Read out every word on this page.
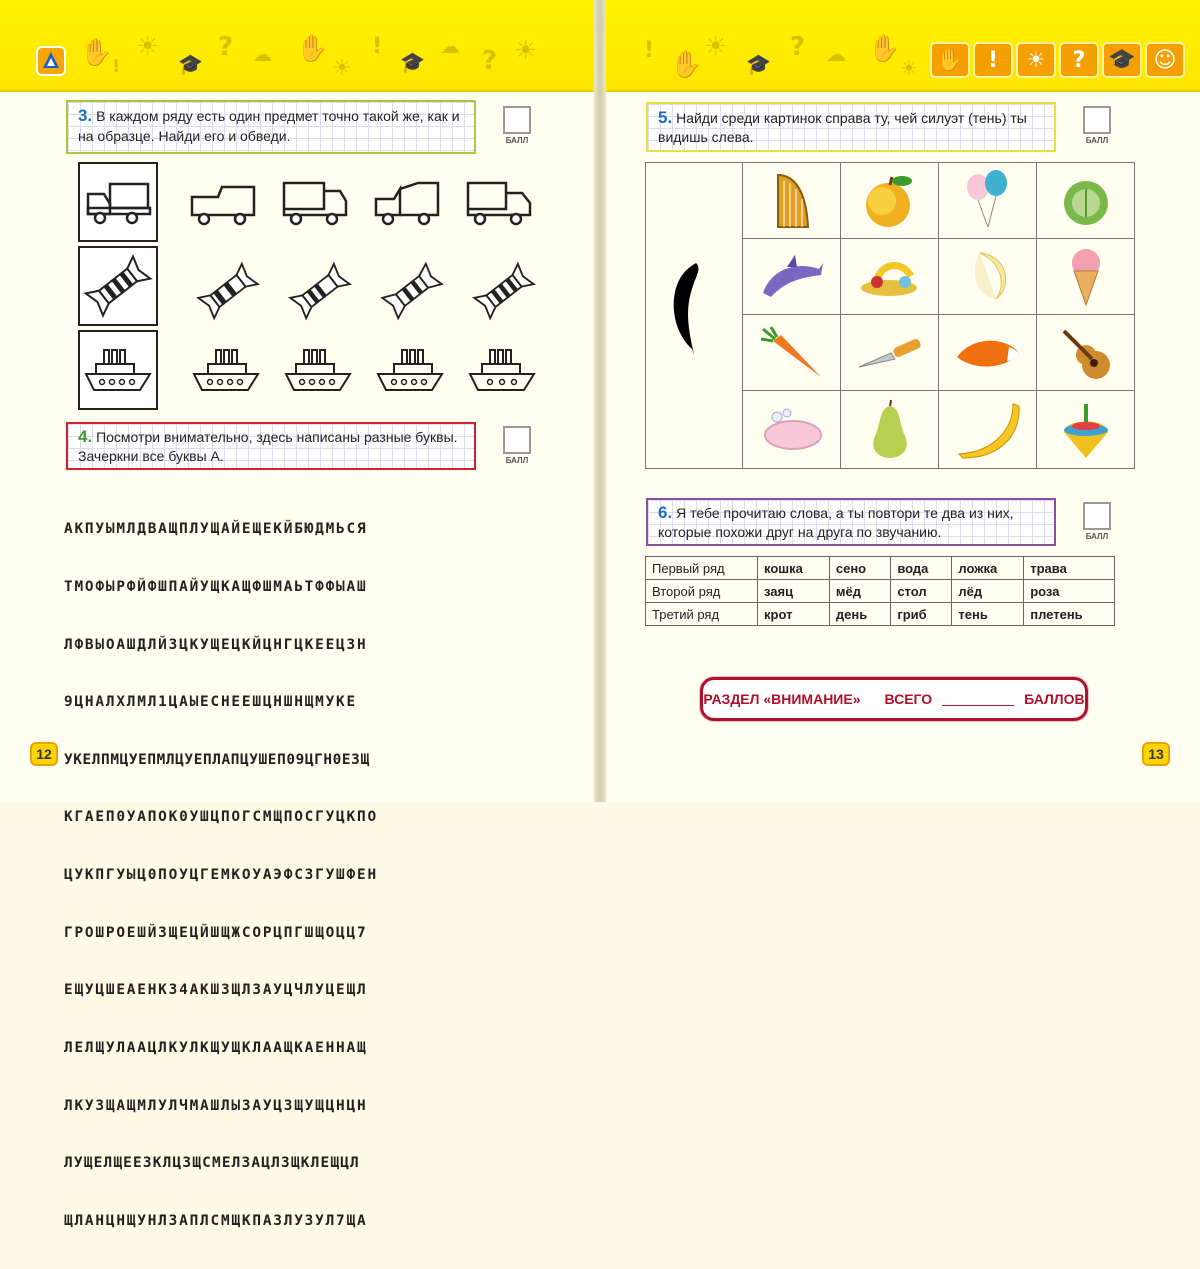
✋ !
☀
🎓
? ☁ ✋
☀
!
🎓
☁ ? ☀
3. В каждом ряду есть один предмет точно такой же, как и
на образце. Найди его и обведи.	БАЛЛ
4. Посмотри внимательно, здесь написаны разные буквы.
Зачеркни все буквы А.	БАЛЛ

АКПУЫМЛДВАЩПЛУЩАЙЕЩЕКЙБЮДМЬСЯ

ТМОФЫРФЙФШПАЙУЩКАЩФШМАЬТФФЫАШ

ЛФВЫОАШДЛЙЗЦКУЩЕЦКЙЦНГЦКЕЕЦЗН

9ЦНАЛХЛМЛ1ЦАЫЕСНЕЕШЦНШНЩМУКЕ

УКЕЛПМЦУЕПМЛЦУЕПЛАПЦУШЕП09ЦГН0ЕЗЩ

КГАЕП0УАПОК0УШЦПОГСМЩПОСГУЦКПО

ЦУКПГУЫЦ0ПОУЦГЕМКОУАЭФСЗГУШФЕН

ГРОШРОЕШЙЗЩЕЦЙШЩЖСОРЦПГШЩОЦЦ7

ЕЩУЦШЕАЕНКЗ4АКШЗЩЛЗАУЦЧЛУЦЕЩЛ

ЛЕЛЩУЛААЦЛКУЛКЩУЩКЛААЩКАЕННАЩ

ЛКУЗЩАЩМЛУЛЧМАШЛЫЗАУЦЗЩУЩЦНЦН

ЛУЩЕЛЩЕЕЗКЛЦЗЩСМЕЛЗАЦЛЗЩКЛЕЩЦЛ

ЩЛАНЦНЩУНЛЗАПЛСМЩКПАЗЛУЗУЛ7ЩА

12
! ✋
☀
🎓
? ☁ ✋
☀ ✋	!	☀	?	🎓 ☺
5. Найди среди картинок справа ту, чей силуэт (тень) ты
видишь слева.	БАЛЛ
6. Я тебе прочитаю слова, а ты повтори те два из них,
которые похожи друг на друга по звучанию.	БАЛЛ
Первый ряд	кошка	сено	вода	ложка	трава
Второй ряд	заяц	мёд	стол	лёд	роза
Третий ряд	крот	день	гриб	тень	плетень
РАЗДЕЛ «ВНИМАНИЕ» ВСЕГО	БАЛЛОВ
13
